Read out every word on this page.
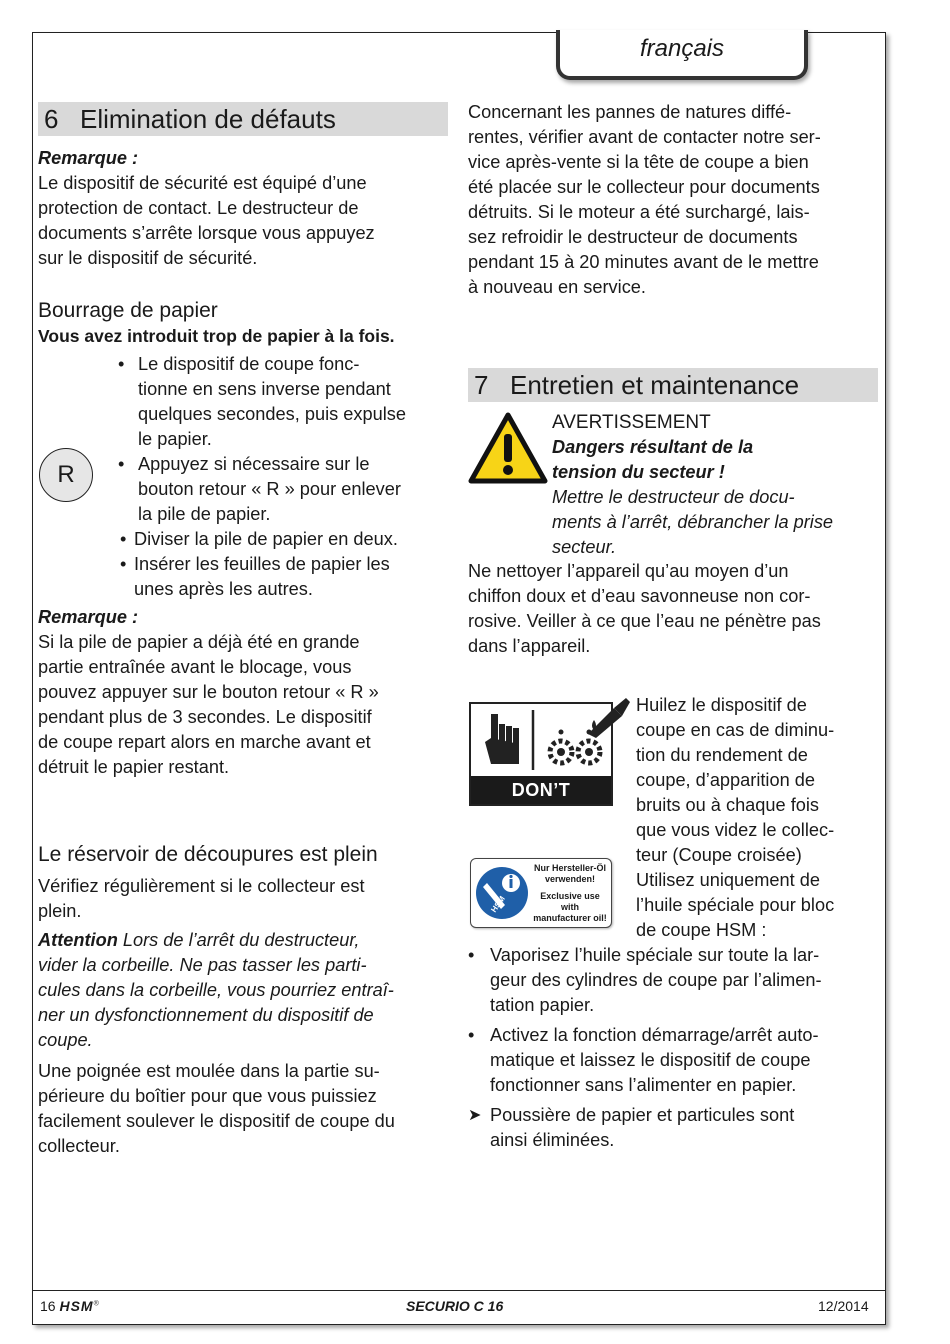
français
6 Elimination de défauts

Remarque :

Le dispositif de sécurité est équipé d’une

protection de contact. Le destructeur de

documents s’arrête lorsque vous appuyez

sur le dispositif de sécurité.

Bourrage de papier

Vous avez introduit trop de papier à la fois.

R
• Le dispositif de coupe fonc-

tionne en sens inverse pendant

quelques secondes, puis expulse

le papier.

• Appuyez si nécessaire sur le

bouton retour « R » pour enlever

la pile de papier.

• Diviser la pile de papier en deux.

• Insérer les feuilles de papier les

unes après les autres.

Remarque :

Si la pile de papier a déjà été en grande

partie entraînée avant le blocage, vous

pouvez appuyer sur le bouton retour « R »

pendant plus de 3 secondes. Le dispositif

de coupe repart alors en marche avant et

détruit le papier restant.

Le réservoir de découpures est plein

Vérifiez régulièrement si le collecteur est

plein.

Attention Lors de l’arrêt du destructeur,

vider la corbeille. Ne pas tasser les parti-

cules dans la corbeille, vous pourriez entraî-

ner un dysfonctionnement du dispositif de

coupe.

Une poignée est moulée dans la partie su-

périeure du boîtier pour que vous puissiez

facilement soulever le dispositif de coupe du

collecteur.

Concernant les pannes de natures diffé-

rentes, vérifier avant de contacter notre ser-

vice après-vente si la tête de coupe a bien

été placée sur le collecteur pour documents

détruits. Si le moteur a été surchargé, lais-

sez refroidir le destructeur de documents

pendant 15 à 20 minutes avant de le mettre

à nouveau en service.

7 Entretien et maintenance

AVERTISSEMENT

Dangers résultant de la

tension du secteur !

Mettre le destructeur de docu-

ments à l’arrêt, débrancher la prise

secteur.

Ne nettoyer l’appareil qu’au moyen d’un

chiffon doux et d’eau savonneuse non cor-

rosive. Veiller à ce que l’eau ne pénètre pas

dans l’appareil.

DON’T FORGET
HSM
Nur Hersteller-Öl
verwenden!
Exclusive use with
manufacturer oil!

Huilez le dispositif de

coupe en cas de diminu-

tion du rendement de

coupe, d’apparition de

bruits ou à chaque fois

que vous videz le collec-

teur (Coupe croisée)

Utilisez uniquement de

l’huile spéciale pour bloc

de coupe HSM :

• Vaporisez l’huile spéciale sur toute la lar-

geur des cylindres de coupe par l’alimen-

tation papier.

• Activez la fonction démarrage/arrêt auto-

matique et laissez le dispositif de coupe

fonctionner sans l’alimenter en papier.

➤ Poussière de papier et particules sont

ainsi éliminées.

16 HSM®	SECURIO C 16	12/2014
